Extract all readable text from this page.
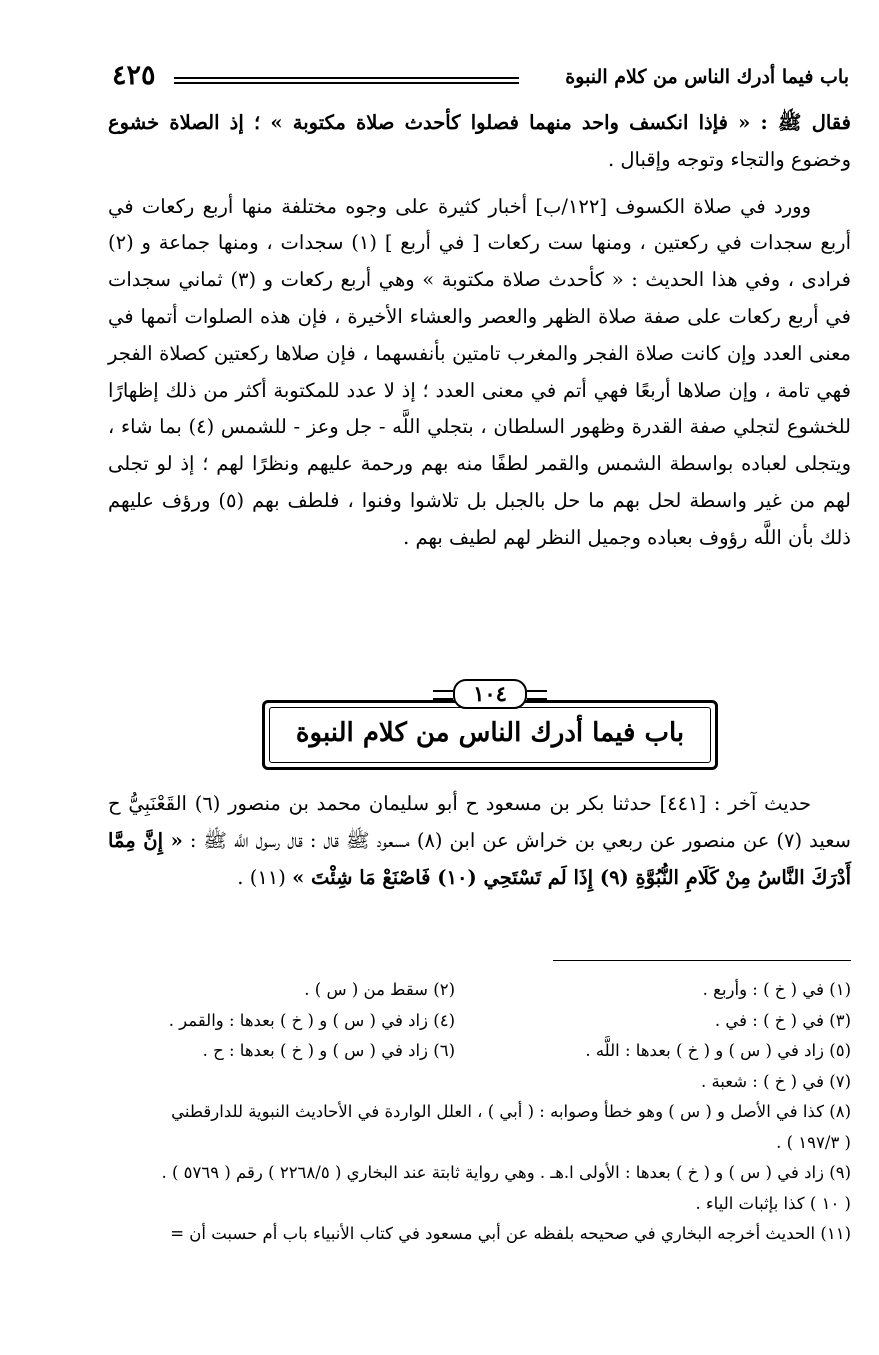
باب فيما أدرك الناس من كلام النبوة
٤٢٥

فقال ﷺ : « فإذا انكسف واحد منهما فصلوا كأحدث صلاة مكتوبة » ؛ إذ الصلاة خشوع وخضوع والتجاء وتوجه وإقبال .

وورد في صلاة الكسوف [١٢٢/ب] أخبار كثيرة على وجوه مختلفة منها أربع ركعات في أربع سجدات في ركعتين ، ومنها ست ركعات [ في أربع ] (١) سجدات ، ومنها جماعة و (٢) فرادى ، وفي هذا الحديث : « كأحدث صلاة مكتوبة » وهي أربع ركعات و (٣) ثماني سجدات في أربع ركعات على صفة صلاة الظهر والعصر والعشاء الأخيرة ، فإن هذه الصلوات أتمها في معنى العدد وإن كانت صلاة الفجر والمغرب تامتين بأنفسهما ، فإن صلاها ركعتين كصلاة الفجر فهي تامة ، وإن صلاها أربعًا فهي أتم في معنى العدد ؛ إذ لا عدد للمكتوبة أكثر من ذلك إظهارًا للخشوع لتجلي صفة القدرة وظهور السلطان ، بتجلي اللَّه - جل وعز - للشمس (٤) بما شاء ، ويتجلى لعباده بواسطة الشمس والقمر لطفًا منه بهم ورحمة عليهم ونظرًا لهم ؛ إذ لو تجلى لهم من غير واسطة لحل بهم ما حل بالجبل بل تلاشوا وفنوا ، فلطف بهم (٥) ورؤف عليهم ذلك بأن اللَّه رؤوف بعباده وجميل النظر لهم لطيف بهم .

١٠٤
باب فيما أدرك الناس من كلام النبوة

حديث آخر : [٤٤١] حدثنا بكر بن مسعود ح أبو سليمان محمد بن منصور (٦) القَعْنَبِيُّ ح سعيد (٧) عن منصور عن ربعي بن خراش عن ابن (٨) مسعود ﷺ قال : قال رسول اللَّه ﷺ : « إِنَّ مِمَّا أَدْرَكَ النَّاسُ مِنْ كَلَامِ النُّبُوَّةِ (٩) إِذَا لَم تَسْتَحِي (١٠) فَاصْنَعْ مَا شِئْتَ » (١١) .

(١) في ( خ ) : وأربع .
(٢) سقط من ( س ) .
(٣) في ( خ ) : في .
(٤) زاد في ( س ) و ( خ ) بعدها : والقمر .
(٥) زاد في ( س ) و ( خ ) بعدها : اللَّه .
(٦) زاد في ( س ) و ( خ ) بعدها : ح .
(٧) في ( خ ) : شعبة .
(٨) كذا في الأصل و ( س ) وهو خطأ وصوابه : ( أبي ) ، العلل الواردة في الأحاديث النبوية للدارقطني
( ١٩٧/٣ ) .
(٩) زاد في ( س ) و ( خ ) بعدها : الأولى ا.هـ . وهي رواية ثابتة عند البخاري ( ٢٢٦٨/٥ ) رقم ( ٥٧٦٩ ) .
( ١٠ ) كذا بإثبات الياء .
(١١) الحديث أخرجه البخاري في صحيحه بلفظه عن أبي مسعود في كتاب الأنبياء باب أم حسبت أن =
